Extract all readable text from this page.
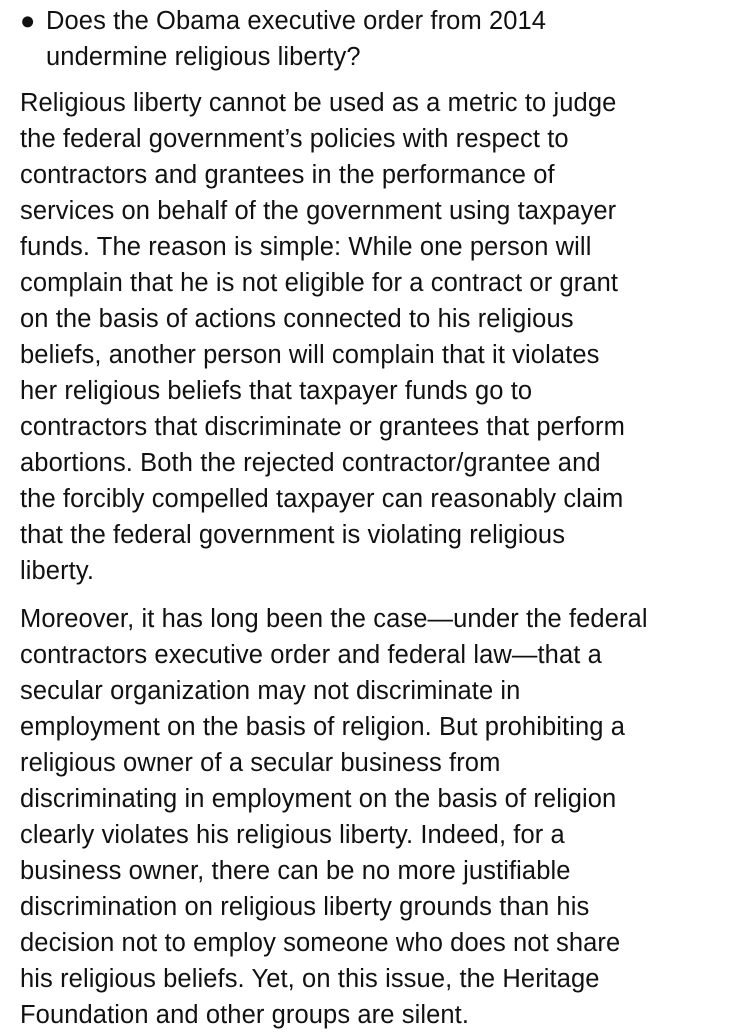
● Does the Obama executive order from 2014
undermine religious liberty?

Religious liberty cannot be used as a metric to judge
the federal government’s policies with respect to
contractors and grantees in the performance of
services on behalf of the government using taxpayer
funds. The reason is simple: While one person will
complain that he is not eligible for a contract or grant
on the basis of actions connected to his religious
beliefs, another person will complain that it violates
her religious beliefs that taxpayer funds go to
contractors that discriminate or grantees that perform
abortions. Both the rejected contractor/grantee and
the forcibly compelled taxpayer can reasonably claim
that the federal government is violating religious
liberty.

Moreover, it has long been the case—under the federal
contractors executive order and federal law—that a
secular organization may not discriminate in
employment on the basis of religion. But prohibiting a
religious owner of a secular business from
discriminating in employment on the basis of religion
clearly violates his religious liberty. Indeed, for a
business owner, there can be no more justifiable
discrimination on religious liberty grounds than his
decision not to employ someone who does not share
his religious beliefs. Yet, on this issue, the Heritage
Foundation and other groups are silent.
